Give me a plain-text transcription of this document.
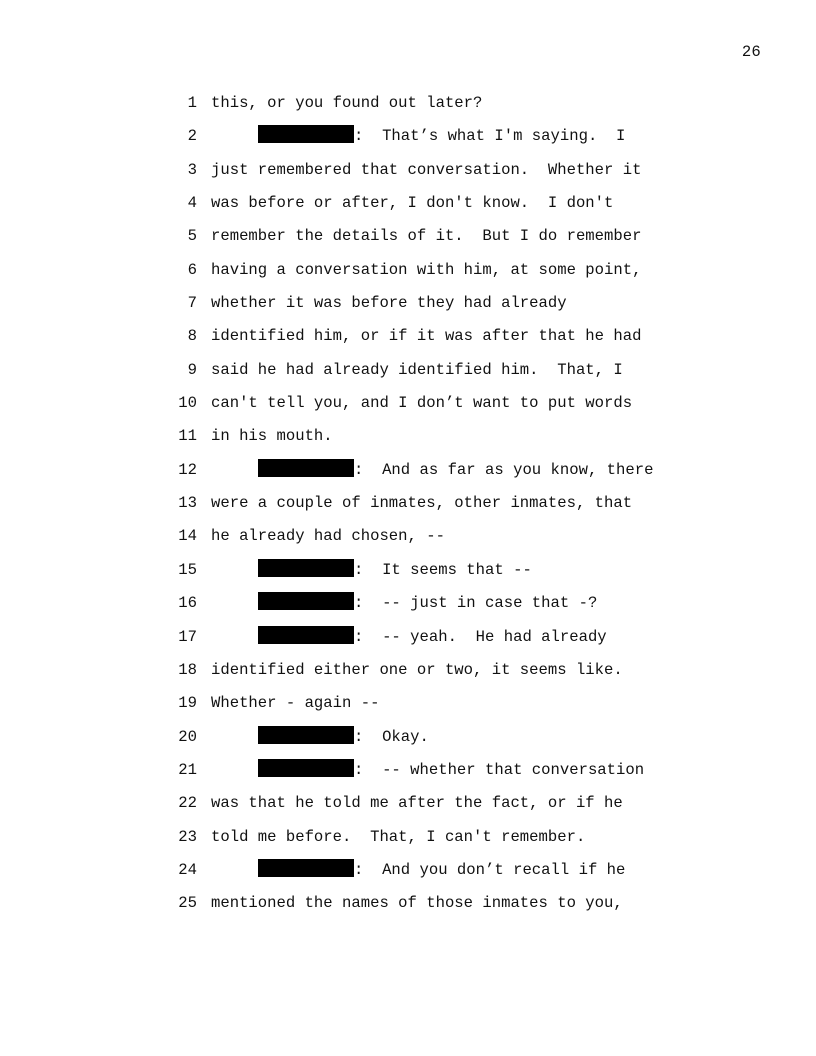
26
1 this, or you found out later?
2	:  That’s what I'm saying.  I
3 just remembered that conversation.  Whether it
4 was before or after, I don't know.  I don't
5 remember the details of it.  But I do remember
6 having a conversation with him, at some point,
7 whether it was before they had already
8 identified him, or if it was after that he had
9 said he had already identified him.  That, I
10 can't tell you, and I don’t want to put words
11 in his mouth.
12	:  And as far as you know, there
13 were a couple of inmates, other inmates, that
14 he already had chosen, --
15	:  It seems that --
16	:  -- just in case that -?
17	:  -- yeah.  He had already
18 identified either one or two, it seems like.
19 Whether - again --
20	:  Okay.
21	:  -- whether that conversation
22 was that he told me after the fact, or if he
23 told me before.  That, I can't remember.
24	:  And you don’t recall if he
25 mentioned the names of those inmates to you,
